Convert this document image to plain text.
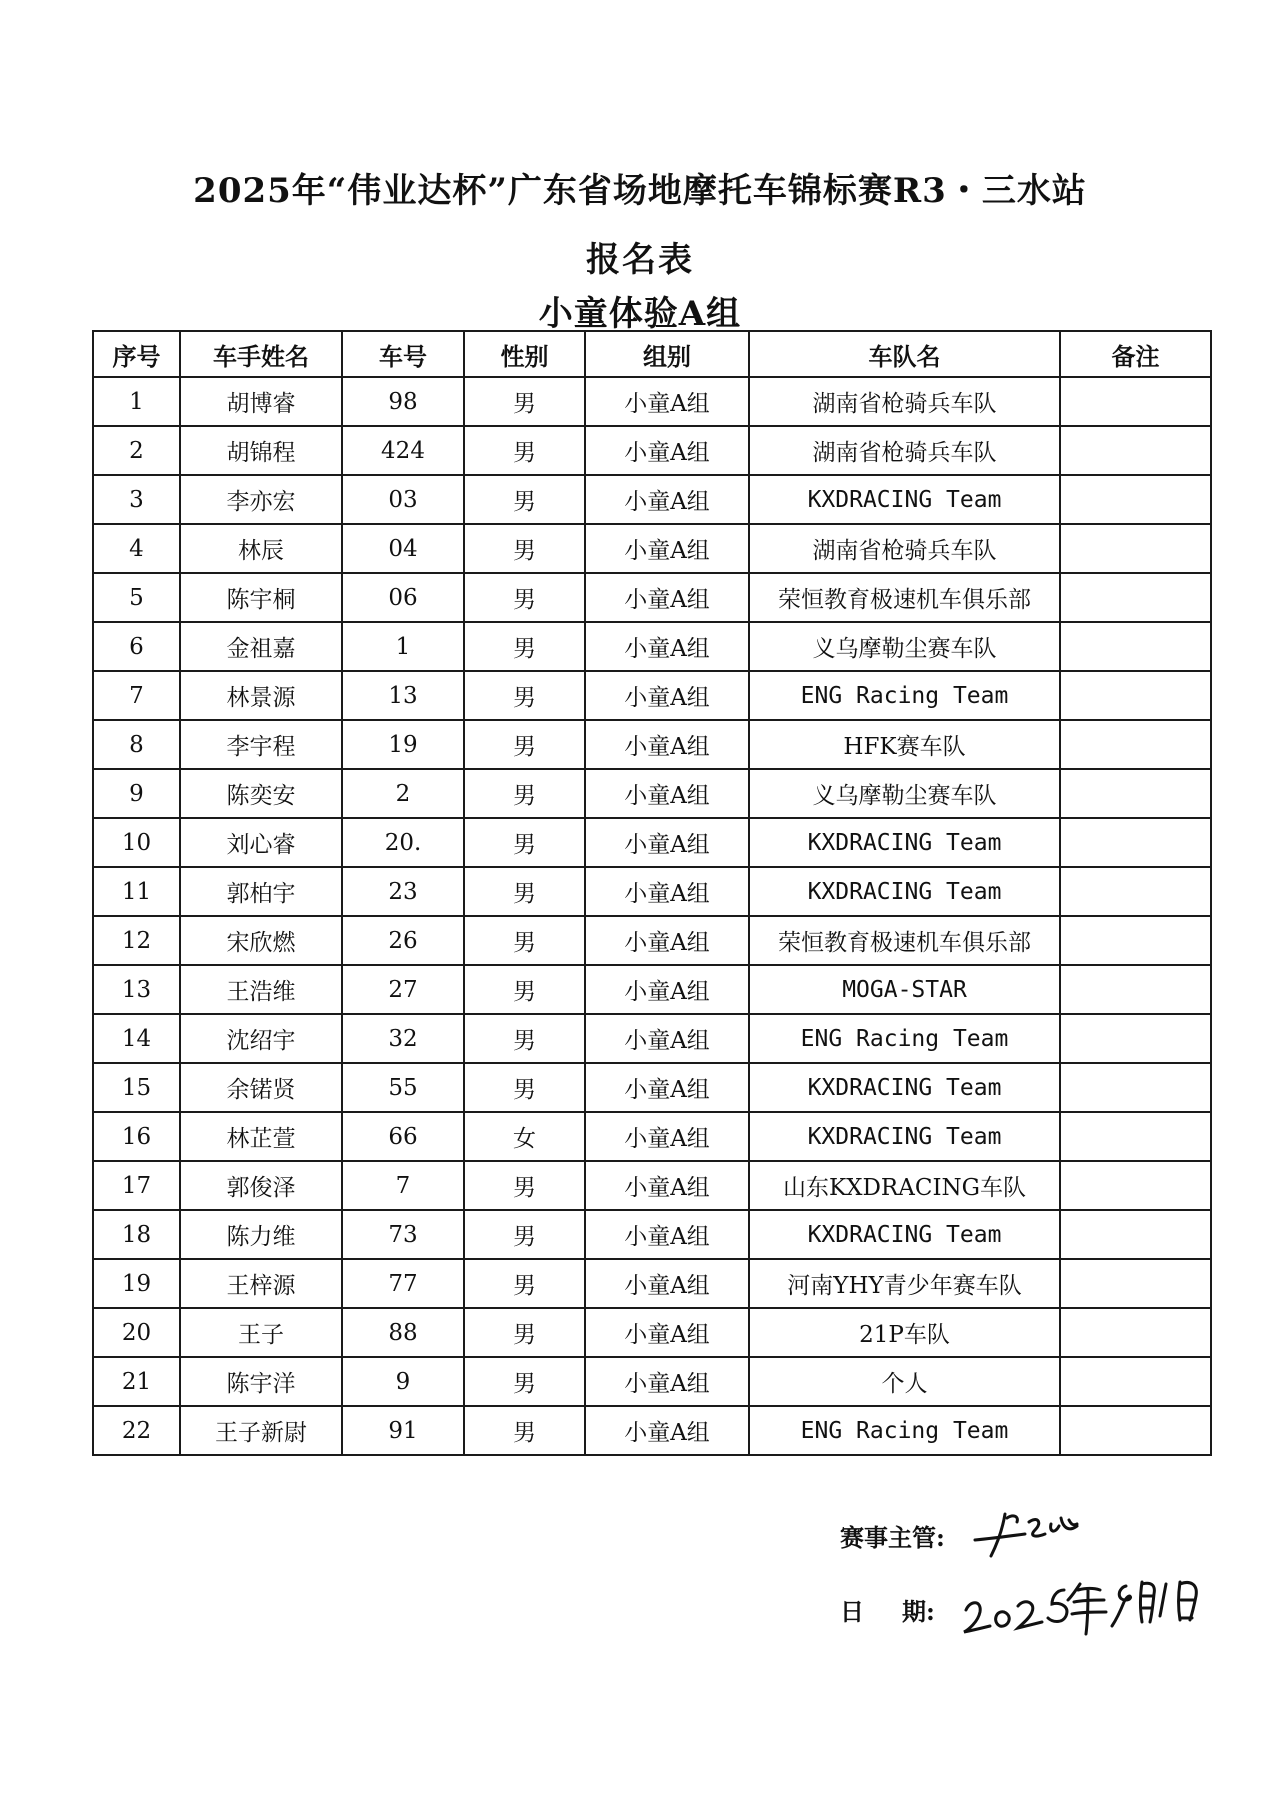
2025年“伟业达杯”广东省场地摩托车锦标赛R3・三水站
报名表
小童体验A组
序号	车手姓名	车号	性别	组别	车队名	备注
1	胡博睿	98	男	小童A组	湖南省枪骑兵车队	
2	胡锦程	424	男	小童A组	湖南省枪骑兵车队	
3	李亦宏	03	男	小童A组	KXDRACING Team	
4	林辰	04	男	小童A组	湖南省枪骑兵车队	
5	陈宇桐	06	男	小童A组	荣恒教育极速机车俱乐部	
6	金祖嘉	1	男	小童A组	义乌摩勒尘赛车队	
7	林景源	13	男	小童A组	ENG Racing Team	
8	李宇程	19	男	小童A组	HFK赛车队	
9	陈奕安	2	男	小童A组	义乌摩勒尘赛车队	
10	刘心睿	20.	男	小童A组	KXDRACING Team	
11	郭柏宇	23	男	小童A组	KXDRACING Team	
12	宋欣燃	26	男	小童A组	荣恒教育极速机车俱乐部	
13	王浩维	27	男	小童A组	MOGA-STAR	
14	沈绍宇	32	男	小童A组	ENG Racing Team	
15	余锘贤	55	男	小童A组	KXDRACING Team	
16	林芷萱	66	女	小童A组	KXDRACING Team	
17	郭俊泽	7	男	小童A组	山东KXDRACING车队	
18	陈力维	73	男	小童A组	KXDRACING Team	
19	王梓源	77	男	小童A组	河南YHY青少年赛车队	
20	王子	88	男	小童A组	21P车队	
21	陈宇洋	9	男	小童A组	个人	
22	王子新尉	91	男	小童A组	ENG Racing Team	
赛事主管:
日 期:
